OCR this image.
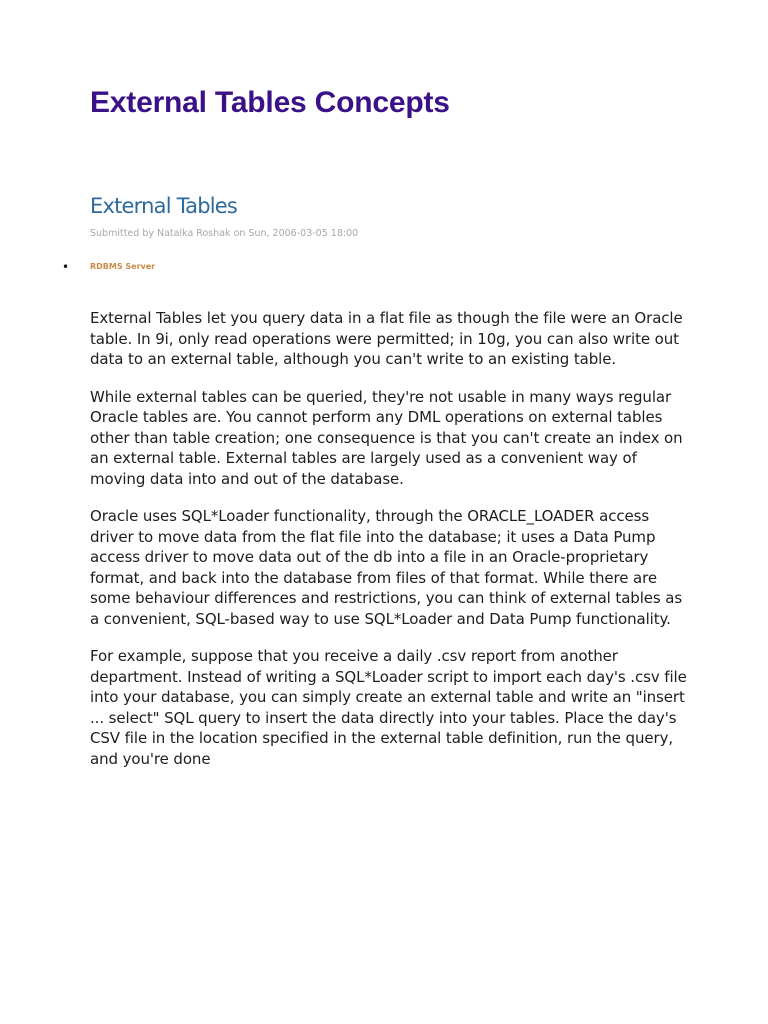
External Tables Concepts
External Tables
Submitted by Natalka Roshak on Sun, 2006-03-05 18:00
•	RDBMS Server

External Tables let you query data in a flat file as though the file were an Oracle table. In 9i, only read operations were permitted; in 10g, you can also write out data to an external table, although you can't write to an existing table.

While external tables can be queried, they're not usable in many ways regular Oracle tables are. You cannot perform any DML operations on external tables other than table creation; one consequence is that you can't create an index on an external table. External tables are largely used as a convenient way of moving data into and out of the database.

Oracle uses SQL*Loader functionality, through the ORACLE_LOADER access driver to move data from the flat file into the database; it uses a Data Pump access driver to move data out of the db into a file in an Oracle-proprietary format, and back into the database from files of that format. While there are some behaviour differences and restrictions, you can think of external tables as a convenient, SQL-based way to use SQL*Loader and Data Pump functionality.

For example, suppose that you receive a daily .csv report from another department. Instead of writing a SQL*Loader script to import each day's .csv file into your database, you can simply create an external table and write an "insert ... select" SQL query to insert the data directly into your tables. Place the day's CSV file in the location specified in the external table definition, run the query, and you're done
